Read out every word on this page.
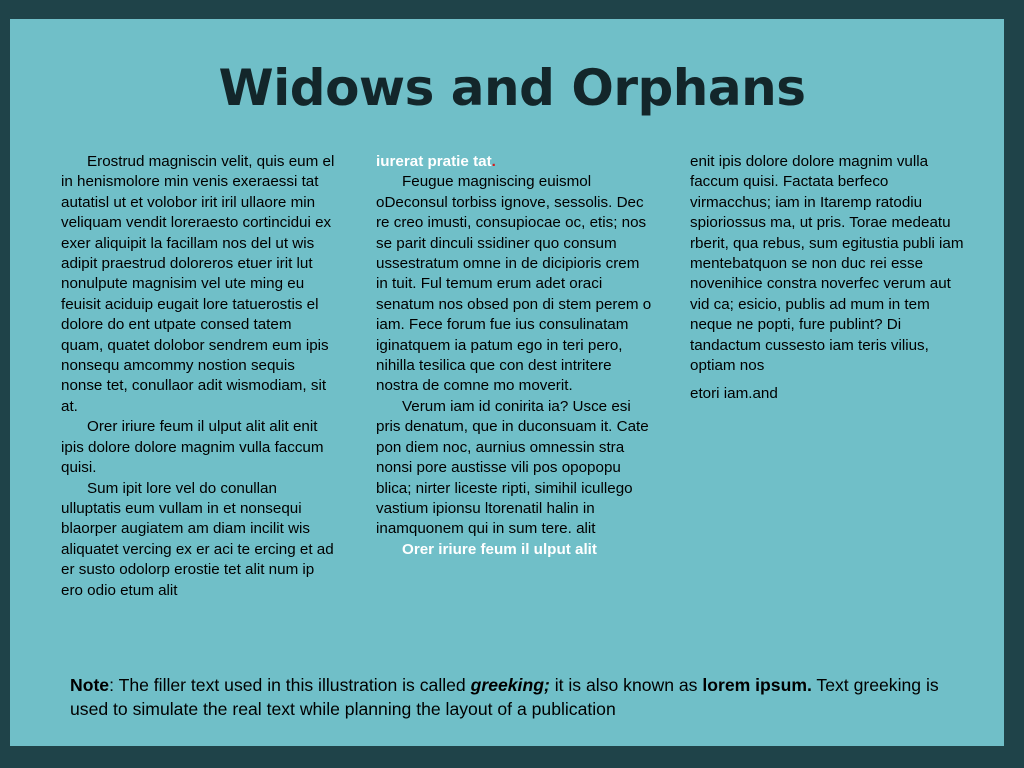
Widows and Orphans

Erostrud magniscin velit, quis eum el in henismolore min venis exeraessi tat autatisl ut et volobor irit iril ullaore min veliquam vendit loreraesto cortincidui ex exer aliquipit la facillam nos del ut wis adipit praestrud doloreros etuer irit lut nonulpute magnisim vel ute ming eu feuisit aciduip eugait lore tatuerostis el dolore do ent utpate consed tatem quam, quatet dolobor sendrem eum ipis nonsequ amcommy nostion sequis nonse tet, conullaor adit wismodiam, sit at.

Orer iriure feum il ulput alit alit enit ipis dolore dolore magnim vulla faccum quisi.

Sum ipit lore vel do conullan ulluptatis eum vullam in et nonsequi blaorper augiatem am diam incilit wis aliquatet vercing ex er aci te ercing et ad er susto odolorp erostie tet alit num ip ero odio etum alit

iurerat pratie tat.

Feugue magniscing euismol oDeconsul torbiss ignove, sessolis. Dec re creo imusti, consupiocae oc, etis; nos se parit dinculi ssidiner quo consum ussestratum omne in de dicipioris crem in tuit. Ful temum erum adet oraci senatum nos obsed pon di stem perem o iam. Fece forum fue ius consulinatam iginatquem ia patum ego in teri pero, nihilla tesilica que con dest intritere nostra de comne mo moverit.

Verum iam id conirita ia? Usce esi pris denatum, que in duconsuam it. Cate pon diem noc, aurnius omnessin stra nonsi pore austisse vili pos opopopu blica; nirter liceste ripti, simihil icullego vastium ipionsu ltorenatil halin in inamquonem qui in sum tere. alit

Orer iriure feum il ulput alit

enit ipis dolore dolore magnim vulla faccum quisi. Factata berfeco virmacchus; iam in Itaremp ratodiu spioriossus ma, ut pris. Torae medeatu rberit, qua rebus, sum egitustia publi iam mentebatquon se non duc rei esse novenihice constra noverfec verum aut vid ca; esicio, publis ad mum in tem neque ne popti, fure publint? Di tandactum cussesto iam teris vilius, optiam nos

etori iam.and

Note: The filler text used in this illustration is called greeking; it is also known as lorem ipsum. Text greeking is used to simulate the real text while planning the layout of a publication
